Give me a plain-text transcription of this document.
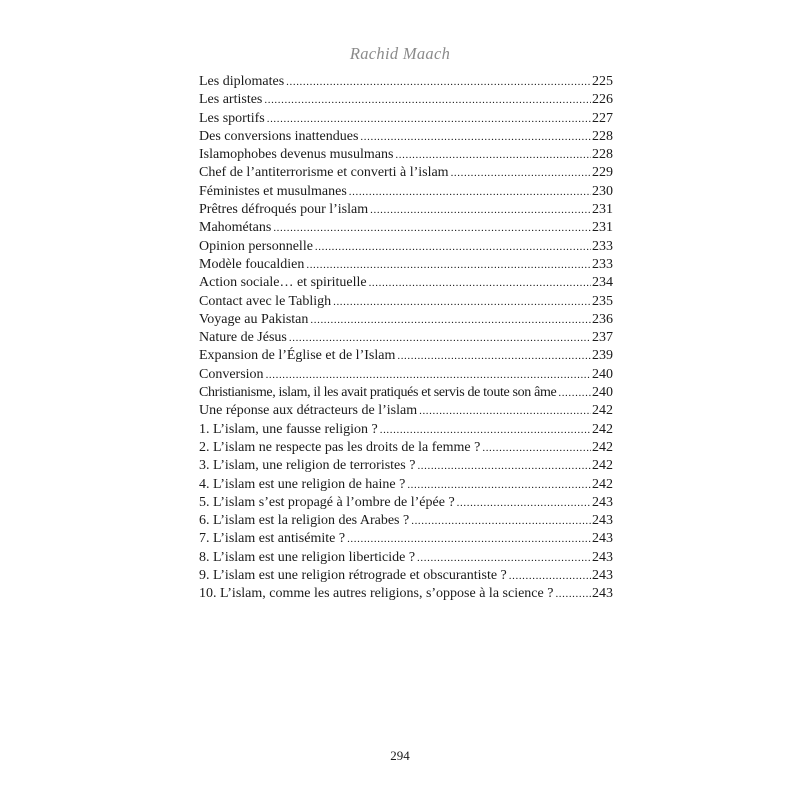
Rachid Maach
Les diplomates .....	225
Les artistes .....	226
Les sportifs .....	227
Des conversions inattendues .....	228
Islamophobes devenus musulmans .....	228
Chef de l’antiterrorisme et converti à l’islam .....	229
Féministes et musulmanes .....	230
Prêtres défroqués pour l’islam .....	231
Mahométans .....	231
Opinion personnelle .....	233
Modèle foucaldien .....	233
Action sociale… et spirituelle .....	234
Contact avec le Tabligh .....	235
Voyage au Pakistan .....	236
Nature de Jésus .....	237
Expansion de l’Église et de l’Islam .....	239
Conversion .....	240
Christianisme, islam, il les avait pratiqués et servis de toute son âme .....	240
Une réponse aux détracteurs de l’islam .....	242
1. L’islam, une fausse religion ? .....	242
2. L’islam ne respecte pas les droits de la femme ? .....	242
3. L’islam, une religion de terroristes ? .....	242
4. L’islam est une religion de haine ? .....	242
5. L’islam s’est propagé à l’ombre de l’épée ? .....	243
6. L’islam est la religion des Arabes ? .....	243
7. L’islam est antisémite ? .....	243
8. L’islam est une religion liberticide ? .....	243
9. L’islam est une religion rétrograde et obscurantiste ? .....	243
10. L’islam, comme les autres religions, s’oppose à la science ? .....	243
294
